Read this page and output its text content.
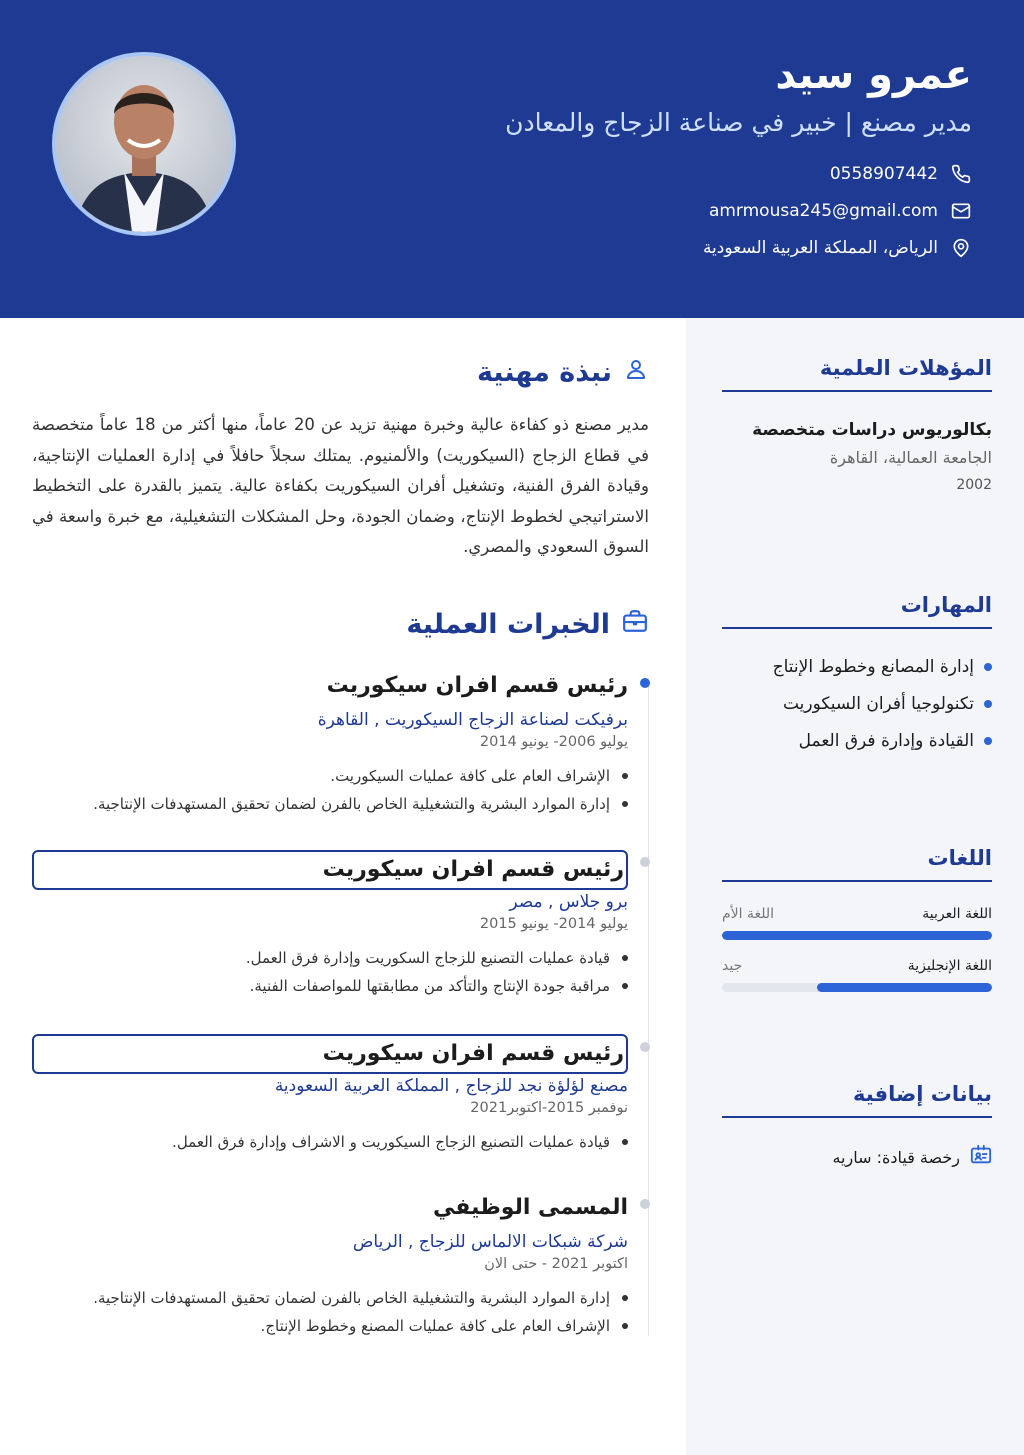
عمرو سيد
مدير مصنع | خبير في صناعة الزجاج والمعادن
0558907442
amrmousa245@gmail.com
الرياض، المملكة العربية السعودية
المؤهلات العلمية
بكالوريوس دراسات متخصصة
الجامعة العمالية، القاهرة
2002
المهارات
إدارة المصانع وخطوط الإنتاج
تكنولوجيا أفران السيكوريت
القيادة وإدارة فرق العمل
اللغات
اللغة العربية
اللغة الأم
اللغة الإنجليزية
جيد
بيانات إضافية
رخصة قيادة: ساريه
نبذة مهنية
مدير مصنع ذو كفاءة عالية وخبرة مهنية تزيد عن 20 عاماً، منها أكثر من 18 عاماً متخصصة في قطاع الزجاج (السيكوريت) والألمنيوم. يمتلك سجلاً حافلاً في إدارة العمليات الإنتاجية، وقيادة الفرق الفنية، وتشغيل أفران السيكوريت بكفاءة عالية. يتميز بالقدرة على التخطيط الاستراتيجي لخطوط الإنتاج، وضمان الجودة، وحل المشكلات التشغيلية، مع خبرة واسعة في السوق السعودي والمصري.
الخبرات العملية
رئيس قسم افران سيكوريت
برفيكت لصناعة الزجاج السيكوريت , القاهرة
يوليو 2006- يونيو 2014
الإشراف العام على كافة عمليات السيكوريت.
إدارة الموارد البشرية والتشغيلية الخاص بالفرن لضمان تحقيق المستهدفات الإنتاجية.
رئيس قسم افران سيكوريت
برو جلاس , مصر
يوليو 2014- يونيو 2015
قيادة عمليات التصنيع للزجاج السكوريت وإدارة فرق العمل.
مراقبة جودة الإنتاج والتأكد من مطابقتها للمواصفات الفنية.
رئيس قسم افران سيكوريت
مصنع لؤلؤة نجد للزجاج , المملكة العربية السعودية
نوفمبر 2015-اكتوبر2021
قيادة عمليات التصنيع الزجاج السيكوريت و الاشراف وإدارة فرق العمل.
المسمى الوظيفي
شركة شبكات الالماس للزجاج , الرياض
اكتوبر 2021 - حتى الان
إدارة الموارد البشرية والتشغيلية الخاص بالفرن لضمان تحقيق المستهدفات الإنتاجية.
الإشراف العام على كافة عمليات المصنع وخطوط الإنتاج.
